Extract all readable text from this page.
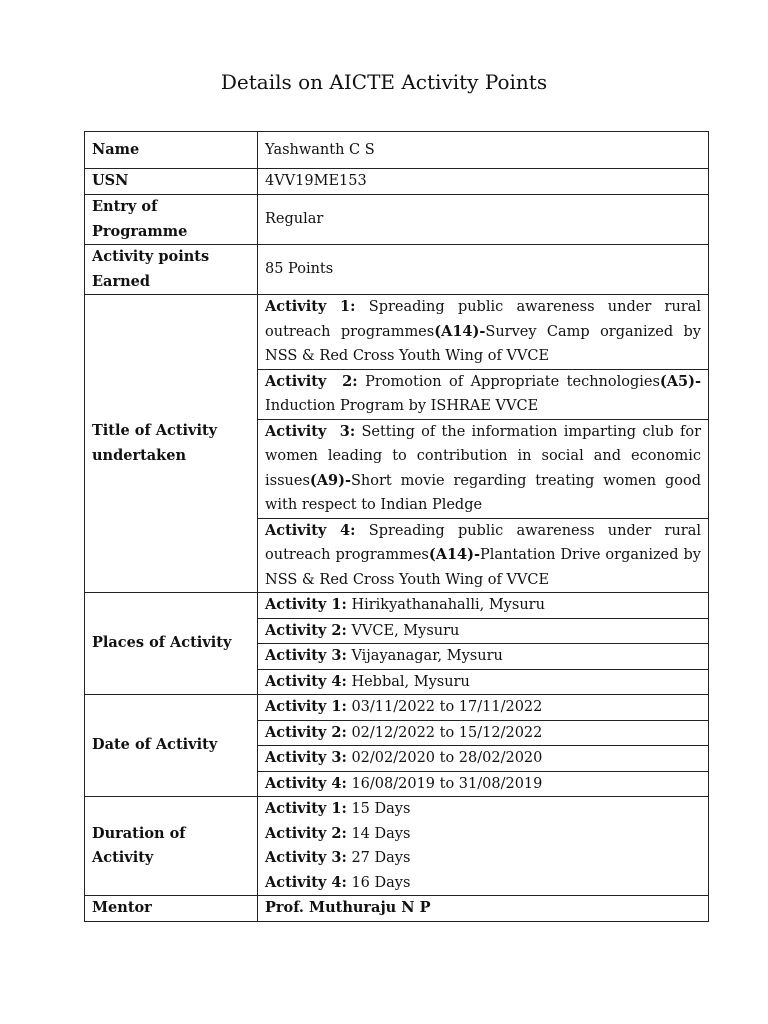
Details on AICTE Activity Points
Name	Yashwanth C S
USN	4VV19ME153
Entry of Programme	Regular
Activity points Earned	85 Points
Title of Activity undertaken	Activity 1: Spreading public awareness under rural outreach programmes(A14)-Survey Camp organized by NSS & Red Cross Youth Wing of VVCE
	Activity  2: Promotion of Appropriate technologies(A5)-Induction Program by ISHRAE VVCE
	Activity  3: Setting of the information imparting club for women leading to contribution in social and economic issues(A9)-Short movie regarding treating women good with respect to Indian Pledge
	Activity 4: Spreading public awareness under rural outreach programmes(A14)-Plantation Drive organized by NSS & Red Cross Youth Wing of VVCE
Places of Activity	Activity 1: Hirikyathanahalli, Mysuru
	Activity 2: VVCE, Mysuru
	Activity 3: Vijayanagar, Mysuru
	Activity 4: Hebbal, Mysuru
Date of Activity	Activity 1: 03/11/2022 to 17/11/2022
	Activity 2: 02/12/2022 to 15/12/2022
	Activity 3: 02/02/2020 to 28/02/2020
	Activity 4: 16/08/2019 to 31/08/2019
Duration of Activity	Activity 1: 15 Days
Activity 2: 14 Days
Activity 3: 27 Days
Activity 4: 16 Days

Mentor	Prof. Muthuraju N P
